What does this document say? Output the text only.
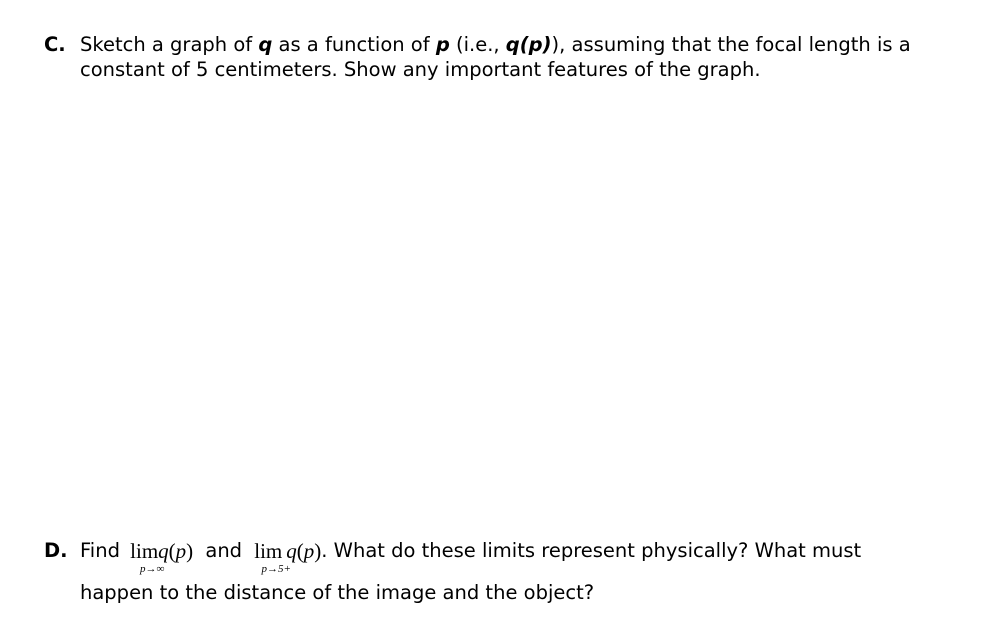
C. Sketch a graph of q as a function of p (i.e., q(p)), assuming that the focal length is a
constant of 5 centimeters. Show any important features of the graph.
D. Find limq(p)
p→∞
and lim q(p)
p→5+
. What do these limits represent physically? What must
happen to the distance of the image and the object?
